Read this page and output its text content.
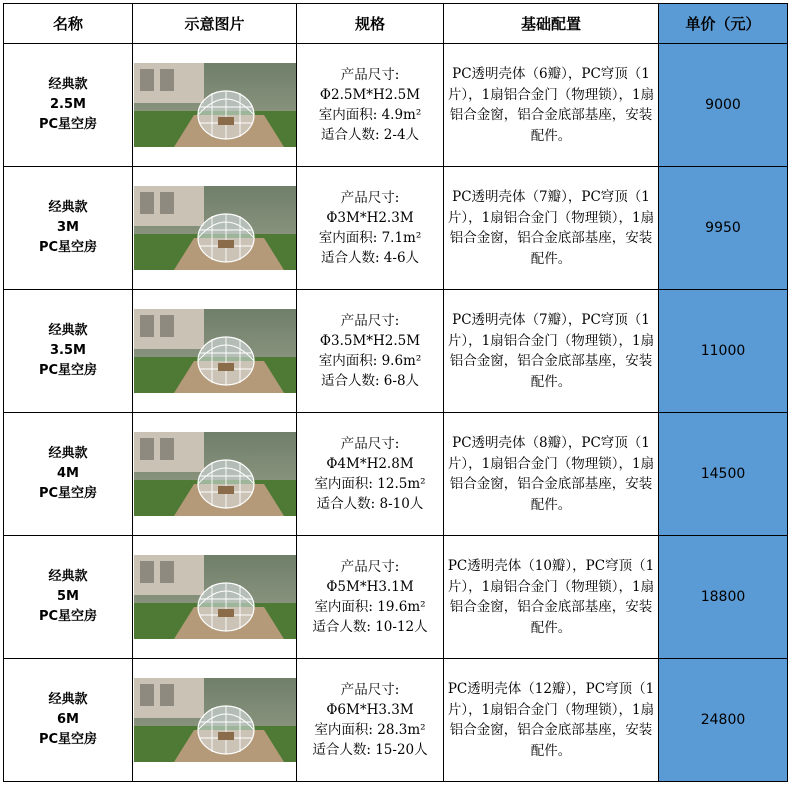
名称	示意图片	规格	基础配置	单价（元）

经典款
2.5M
PC星空房		产品尺寸:
Φ2.5M*H2.5M
室内面积: 4.9m²
适合人数: 2-4人	PC透明壳体（6瓣），PC穹顶（1片），1扇铝合金门（物理锁），1扇铝合金窗，铝合金底部基座，安装配件。	9000

经典款
3M
PC星空房		产品尺寸:
Φ3M*H2.3M
室内面积: 7.1m²
适合人数: 4-6人	PC透明壳体（7瓣），PC穹顶（1片），1扇铝合金门（物理锁），1扇铝合金窗，铝合金底部基座，安装配件。	9950

经典款
3.5M
PC星空房		产品尺寸:
Φ3.5M*H2.5M
室内面积: 9.6m²
适合人数: 6-8人	PC透明壳体（7瓣），PC穹顶（1片），1扇铝合金门（物理锁），1扇铝合金窗，铝合金底部基座，安装配件。	11000

经典款
4M
PC星空房		产品尺寸:
Φ4M*H2.8M
室内面积: 12.5m²
适合人数: 8-10人	PC透明壳体（8瓣），PC穹顶（1片），1扇铝合金门（物理锁），1扇铝合金窗，铝合金底部基座，安装配件。	14500

经典款
5M
PC星空房		产品尺寸:
Φ5M*H3.1M
室内面积: 19.6m²
适合人数: 10-12人	PC透明壳体（10瓣），PC穹顶（1片），1扇铝合金门（物理锁），1扇铝合金窗，铝合金底部基座，安装配件。	18800

经典款
6M
PC星空房		产品尺寸:
Φ6M*H3.3M
室内面积: 28.3m²
适合人数: 15-20人	PC透明壳体（12瓣），PC穹顶（1片），1扇铝合金门（物理锁），1扇铝合金窗，铝合金底部基座，安装配件。	24800
